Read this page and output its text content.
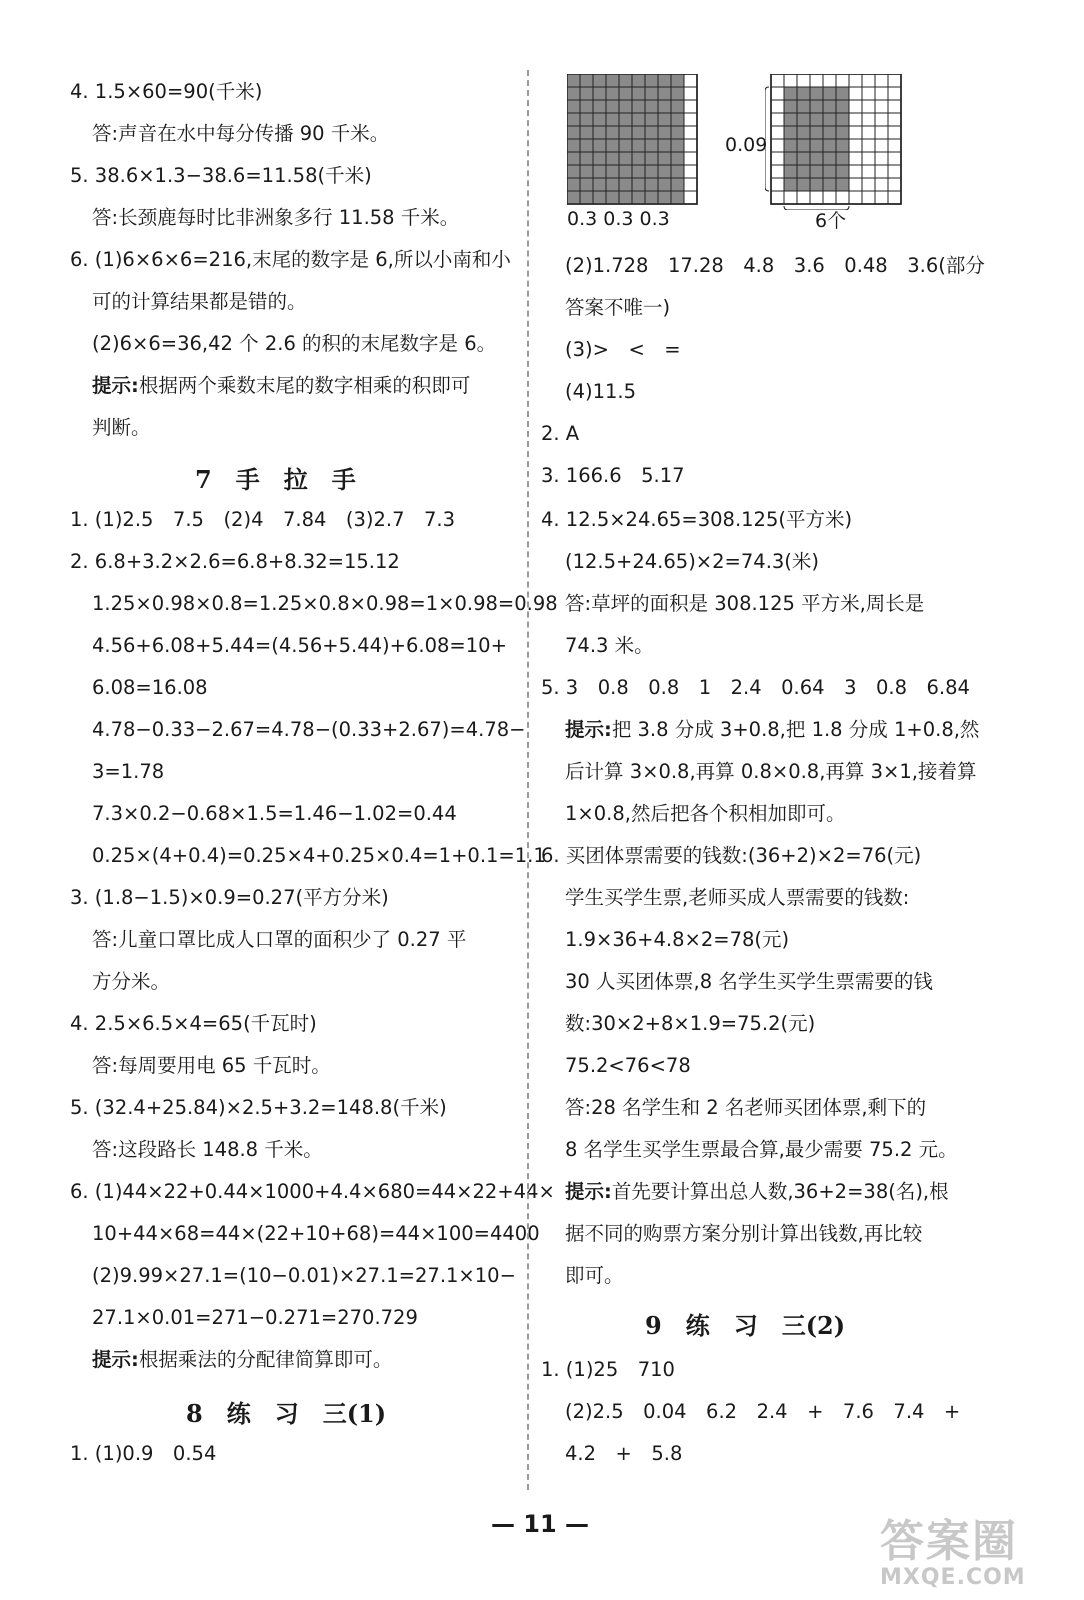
4. 1.5×60=90(千米)
答:声音在水中每分传播 90 千米。
5. 38.6×1.3−38.6=11.58(千米)
答:长颈鹿每时比非洲象多行 11.58 千米。
6. (1)6×6×6=216,末尾的数字是 6,所以小南和小
可的计算结果都是错的。
(2)6×6=36,42 个 2.6 的积的末尾数字是 6。
提示:根据两个乘数末尾的数字相乘的积即可
判断。
7　手　拉　手
1. (1)2.5　7.5　(2)4　7.84　(3)2.7　7.3
2. 6.8+3.2×2.6=6.8+8.32=15.12
1.25×0.98×0.8=1.25×0.8×0.98=1×0.98=0.98
4.56+6.08+5.44=(4.56+5.44)+6.08=10+
6.08=16.08
4.78−0.33−2.67=4.78−(0.33+2.67)=4.78−
3=1.78
7.3×0.2−0.68×1.5=1.46−1.02=0.44
0.25×(4+0.4)=0.25×4+0.25×0.4=1+0.1=1.1
3. (1.8−1.5)×0.9=0.27(平方分米)
答:儿童口罩比成人口罩的面积少了 0.27 平
方分米。
4. 2.5×6.5×4=65(千瓦时)
答:每周要用电 65 千瓦时。
5. (32.4+25.84)×2.5+3.2=148.8(千米)
答:这段路长 148.8 千米。
6. (1)44×22+0.44×1000+4.4×680=44×22+44×
10+44×68=44×(22+10+68)=44×100=4400
(2)9.99×27.1=(10−0.01)×27.1=27.1×10−
27.1×0.01=271−0.271=270.729
提示:根据乘法的分配律简算即可。
8　练　习　三(1)
1. (1)0.9　0.54
0.3 0.3 0.3
0.09
6个
(2)1.728　17.28　4.8　3.6　0.48　3.6(部分
答案不唯一)
(3)>　<　=
(4)11.5
2. A
3. 166.6　5.17
4. 12.5×24.65=308.125(平方米)
(12.5+24.65)×2=74.3(米)
答:草坪的面积是 308.125 平方米,周长是
74.3 米。
5. 3　0.8　0.8　1　2.4　0.64　3　0.8　6.84
提示:把 3.8 分成 3+0.8,把 1.8 分成 1+0.8,然
后计算 3×0.8,再算 0.8×0.8,再算 3×1,接着算
1×0.8,然后把各个积相加即可。
6. 买团体票需要的钱数:(36+2)×2=76(元)
学生买学生票,老师买成人票需要的钱数:
1.9×36+4.8×2=78(元)
30 人买团体票,8 名学生买学生票需要的钱
数:30×2+8×1.9=75.2(元)
75.2<76<78
答:28 名学生和 2 名老师买团体票,剩下的
8 名学生买学生票最合算,最少需要 75.2 元。
提示:首先要计算出总人数,36+2=38(名),根
据不同的购票方案分别计算出钱数,再比较
即可。
9　练　习　三(2)
1. (1)25　710
(2)2.5　0.04　6.2　2.4　+　7.6　7.4　+
4.2　+　5.8
— 11 —	答案圈
MXQE.COM
